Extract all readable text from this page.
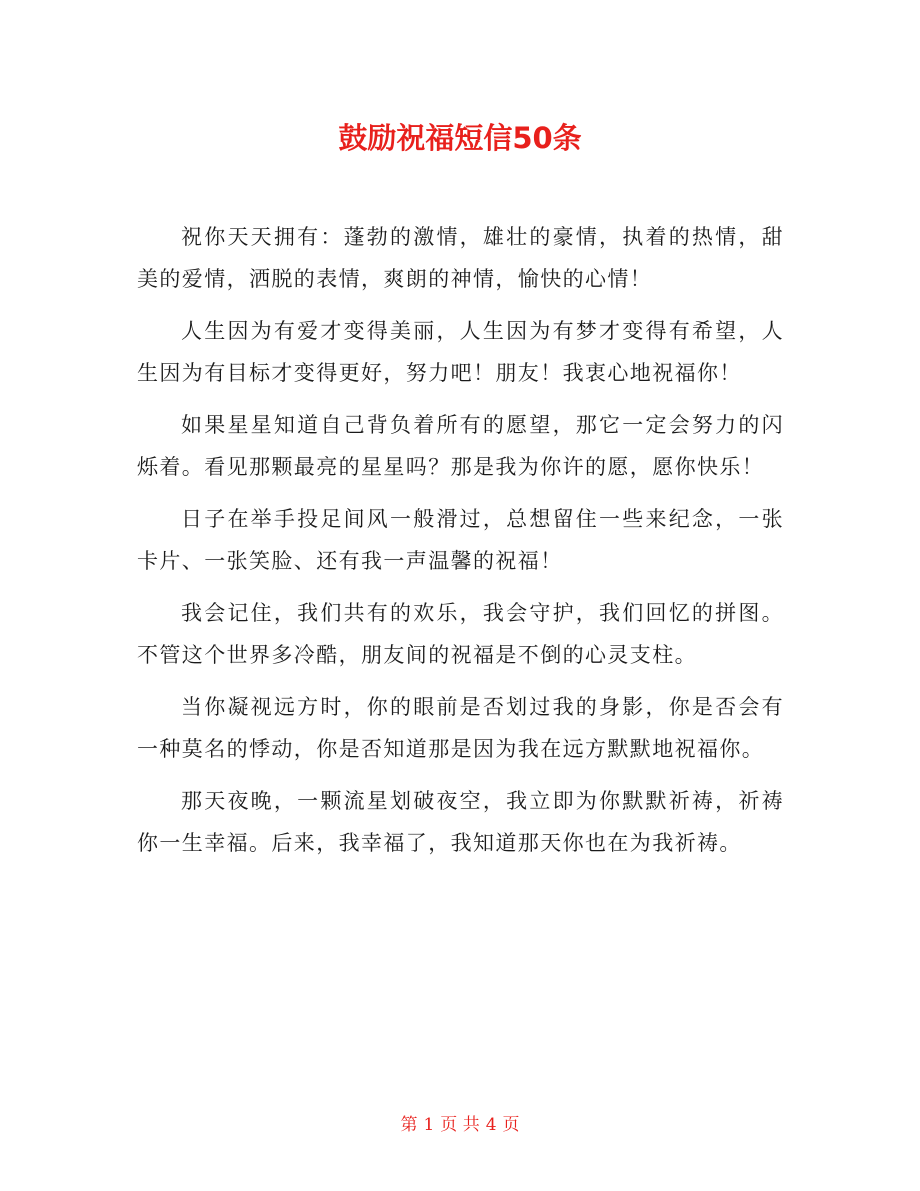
鼓励祝福短信50条

祝你天天拥有：蓬勃的激情，雄壮的豪情，执着的热情，甜美的爱情，洒脱的表情，爽朗的神情，愉快的心情！

人生因为有爱才变得美丽，人生因为有梦才变得有希望，人生因为有目标才变得更好，努力吧！朋友！我衷心地祝福你！

如果星星知道自己背负着所有的愿望，那它一定会努力的闪烁着。看见那颗最亮的星星吗？那是我为你许的愿，愿你快乐！

日子在举手投足间风一般滑过，总想留住一些来纪念，一张卡片、一张笑脸、还有我一声温馨的祝福！

我会记住，我们共有的欢乐，我会守护，我们回忆的拼图。不管这个世界多冷酷，朋友间的祝福是不倒的心灵支柱。

当你凝视远方时，你的眼前是否划过我的身影，你是否会有一种莫名的悸动，你是否知道那是因为我在远方默默地祝福你。

那天夜晚，一颗流星划破夜空，我立即为你默默祈祷，祈祷你一生幸福。后来，我幸福了，我知道那天你也在为我祈祷。

第 1 页 共 4 页
